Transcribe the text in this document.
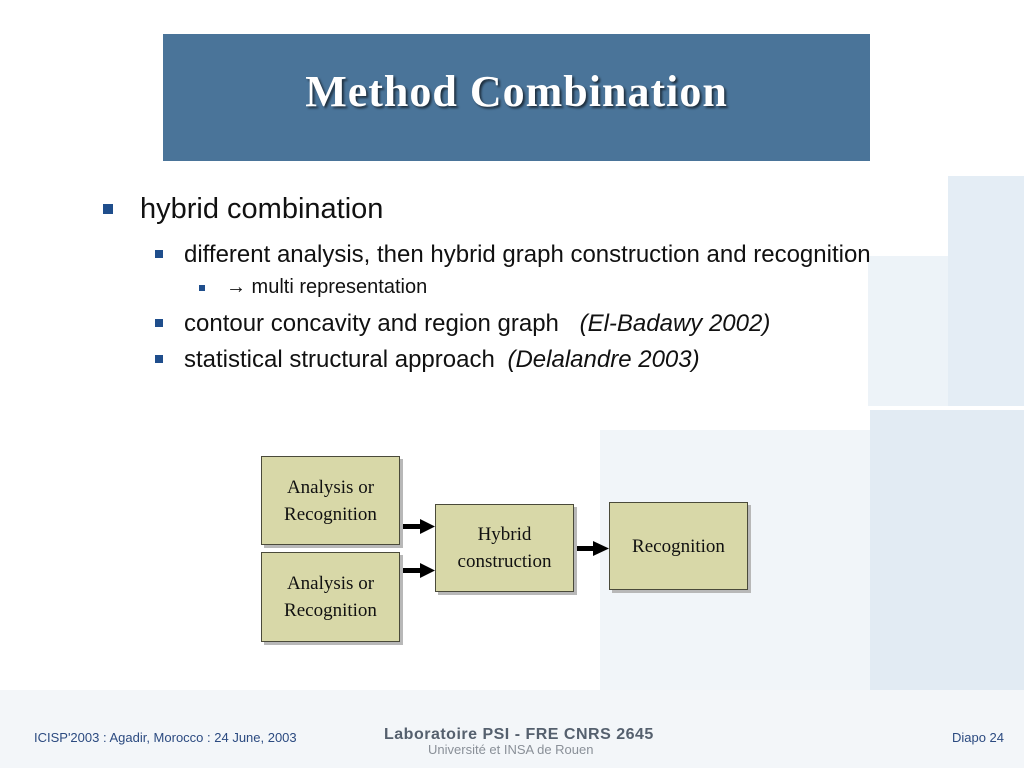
Method Combination
hybrid combination
different analysis, then hybrid graph construction and recognition
→ multi representation
contour concavity and region graph (El-Badawy 2002)
statistical structural approach (Delalandre 2003)
Analysis or
Recognition
Analysis or
Recognition
Hybrid
construction
Recognition
ICISP'2003 : Agadir, Morocco : 24 June, 2003	Laboratoire PSI - FRE CNRS 2645
Université et INSA de Rouen
Diapo 24
